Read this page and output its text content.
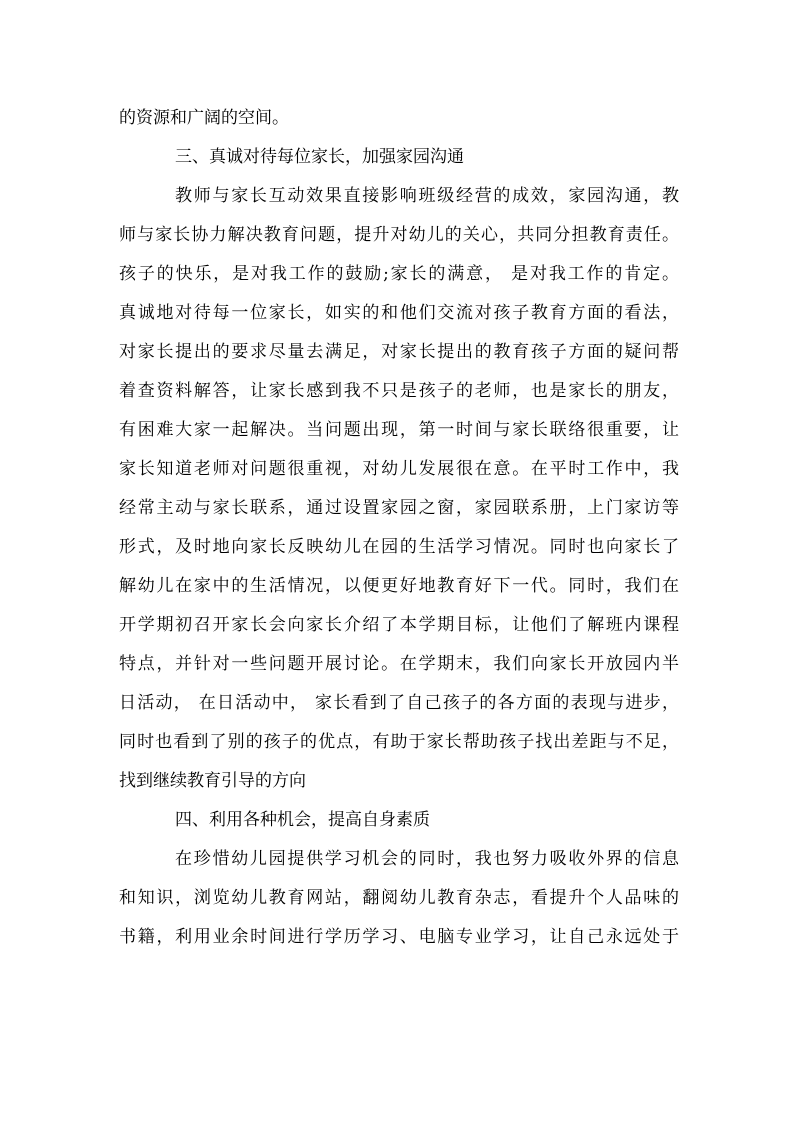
的资源和广阔的空间。
三、真诚对待每位家长，加强家园沟通
教师与家长互动效果直接影响班级经营的成效，家园沟通，教
师与家长协力解决教育问题，提升对幼儿的关心，共同分担教育责任。
孩子的快乐，是对我工作的鼓励;家长的满意， 是对我工作的肯定。
真诚地对待每一位家长，如实的和他们交流对孩子教育方面的看法，
对家长提出的要求尽量去满足，对家长提出的教育孩子方面的疑问帮
着查资料解答，让家长感到我不只是孩子的老师，也是家长的朋友，
有困难大家一起解决。当问题出现，第一时间与家长联络很重要，让
家长知道老师对问题很重视，对幼儿发展很在意。在平时工作中，我
经常主动与家长联系，通过设置家园之窗，家园联系册，上门家访等
形式，及时地向家长反映幼儿在园的生活学习情况。同时也向家长了
解幼儿在家中的生活情况，以便更好地教育好下一代。同时，我们在
开学期初召开家长会向家长介绍了本学期目标，让他们了解班内课程
特点，并针对一些问题开展讨论。在学期末，我们向家长开放园内半
日活动， 在日活动中， 家长看到了自己孩子的各方面的表现与进步，
同时也看到了别的孩子的优点，有助于家长帮助孩子找出差距与不足，
找到继续教育引导的方向
四、利用各种机会，提高自身素质
在珍惜幼儿园提供学习机会的同时，我也努力吸收外界的信息
和知识，浏览幼儿教育网站，翻阅幼儿教育杂志，看提升个人品味的
书籍，利用业余时间进行学历学习、电脑专业学习，让自己永远处于
